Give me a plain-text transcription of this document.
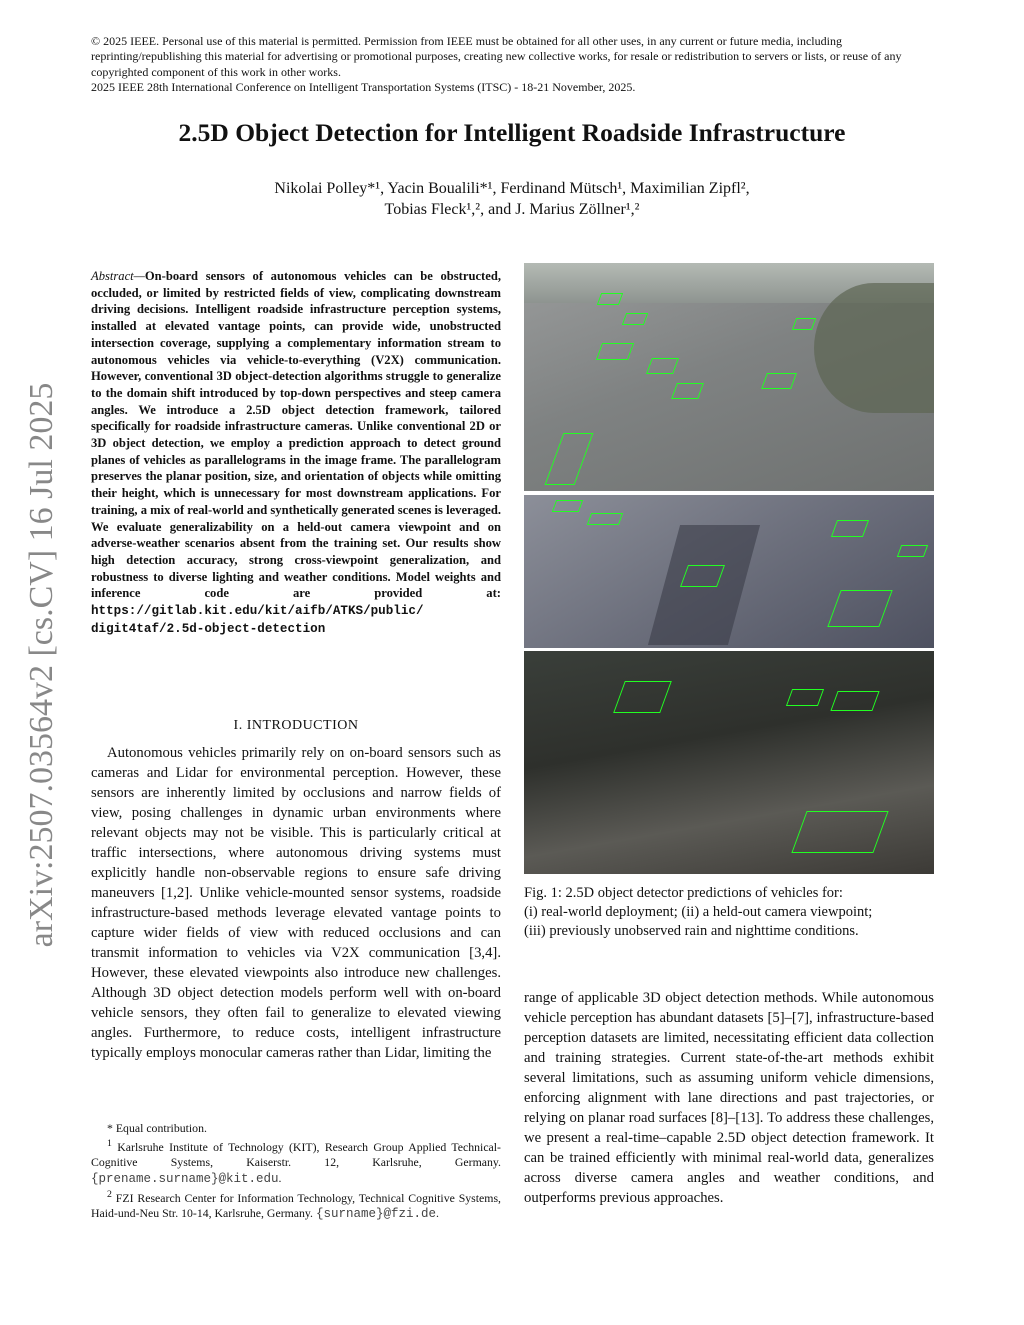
© 2025 IEEE. Personal use of this material is permitted. Permission from IEEE must be obtained for all other uses, in any current or future media, including reprinting/republishing this material for advertising or promotional purposes, creating new collective works, for resale or redistribution to servers or lists, or reuse of any copyrighted component of this work in other works.
2025 IEEE 28th International Conference on Intelligent Transportation Systems (ITSC) - 18-21 November, 2025.
2.5D Object Detection for Intelligent Roadside Infrastructure
Nikolai Polley*¹, Yacin Boualili*¹, Ferdinand Mütsch¹, Maximilian Zipfl²,
Tobias Fleck¹,², and J. Marius Zöllner¹,²
arXiv:2507.03564v2 [cs.CV] 16 Jul 2025
Abstract—On-board sensors of autonomous vehicles can be obstructed, occluded, or limited by restricted fields of view, complicating downstream driving decisions. Intelligent roadside infrastructure perception systems, installed at elevated vantage points, can provide wide, unobstructed intersection coverage, supplying a complementary information stream to autonomous vehicles via vehicle-to-everything (V2X) communication. However, conventional 3D object-detection algorithms struggle to generalize to the domain shift introduced by top-down perspectives and steep camera angles. We introduce a 2.5D object detection framework, tailored specifically for roadside infrastructure cameras. Unlike conventional 2D or 3D object detection, we employ a prediction approach to detect ground planes of vehicles as parallelograms in the image frame. The parallelogram preserves the planar position, size, and orientation of objects while omitting their height, which is unnecessary for most downstream applications. For training, a mix of real-world and synthetically generated scenes is leveraged. We evaluate generalizability on a held-out camera viewpoint and on adverse-weather scenarios absent from the training set. Our results show high detection accuracy, strong cross-viewpoint generalization, and robustness to diverse lighting and weather conditions. Model weights and inference code are provided at: https://gitlab.kit.edu/kit/aifb/ATKS/public/ digit4taf/2.5d-object-detection
I. INTRODUCTION

Autonomous vehicles primarily rely on on-board sensors such as cameras and Lidar for environmental perception. However, these sensors are inherently limited by occlusions and narrow fields of view, posing challenges in dynamic urban environments where relevant objects may not be visible. This is particularly critical at traffic intersections, where autonomous driving systems must explicitly handle non-observable regions to ensure safe driving maneuvers [1,2]. Unlike vehicle-mounted sensor systems, roadside infrastructure-based methods leverage elevated vantage points to capture wider fields of view with reduced occlusions and can transmit information to vehicles via V2X communication [3,4]. However, these elevated viewpoints also introduce new challenges. Although 3D object detection models perform well with on-board vehicle sensors, they often fail to generalize to elevated viewing angles. Furthermore, to reduce costs, intelligent infrastructure typically employs monocular cameras rather than Lidar, limiting the

range of applicable 3D object detection methods. While autonomous vehicle perception has abundant datasets [5]–[7], infrastructure-based perception datasets are limited, necessitating efficient data collection and training strategies. Current state-of-the-art methods exhibit several limitations, such as assuming uniform vehicle dimensions, enforcing alignment with lane directions and past trajectories, or relying on planar road surfaces [8]–[13]. To address these challenges, we present a real-time–capable 2.5D object detection framework. It can be trained efficiently with minimal real-world data, generalizes across diverse camera angles and weather conditions, and outperforms previous approaches.

* Equal contribution.
$^1$ Karlsruhe Institute of Technology (KIT), Research Group Applied Technical-Cognitive Systems, Kaiserstr. 12, Karlsruhe, Germany. {prename.surname}@kit.edu.
$^2$ FZI Research Center for Information Technology, Technical Cognitive Systems, Haid-und-Neu Str. 10-14, Karlsruhe, Germany. {surname}@fzi.de.
Fig. 1: 2.5D object detector predictions of vehicles for:
(i) real-world deployment; (ii) a held-out camera viewpoint;
(iii) previously unobserved rain and nighttime conditions.
